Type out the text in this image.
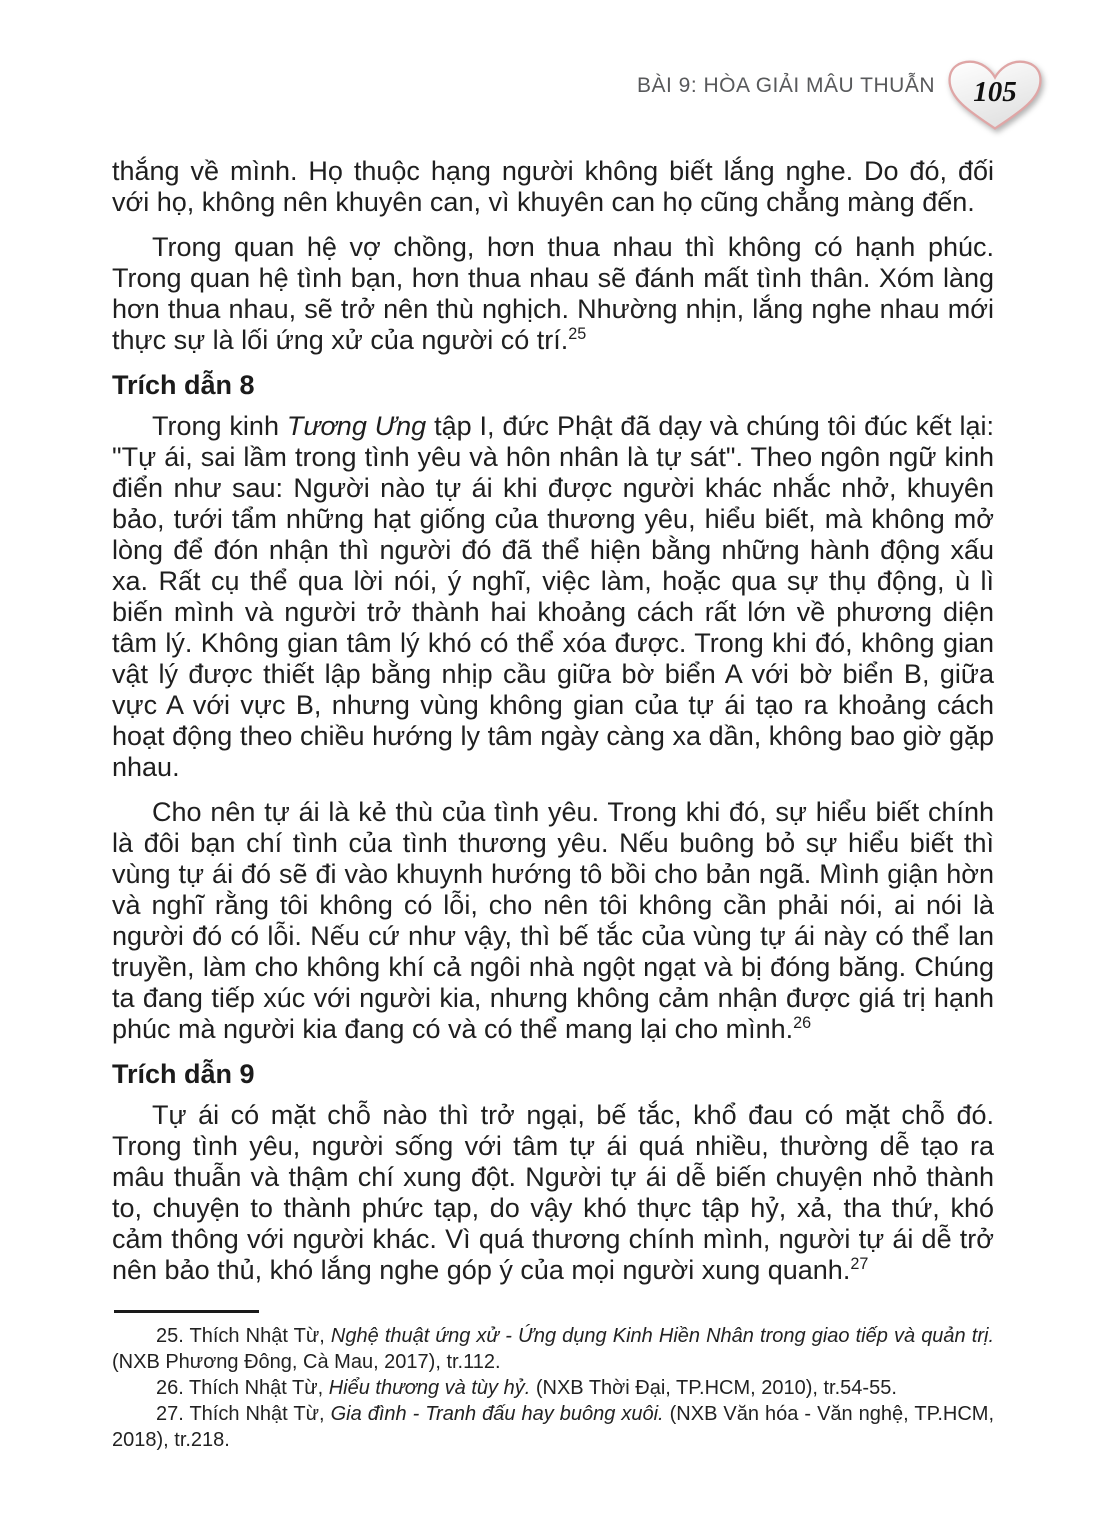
BÀI 9: HÒA GIẢI MÂU THUẪN	105

thắng về mình. Họ thuộc hạng người không biết lắng nghe. Do đó, đối với họ, không nên khuyên can, vì khuyên can họ cũng chẳng màng đến.

Trong quan hệ vợ chồng, hơn thua nhau thì không có hạnh phúc. Trong quan hệ tình bạn, hơn thua nhau sẽ đánh mất tình thân. Xóm làng hơn thua nhau, sẽ trở nên thù nghịch. Nhường nhịn, lắng nghe nhau mới thực sự là lối ứng xử của người có trí.$^{25}$

Trích dẫn 8

Trong kinh Tương Ưng tập I, đức Phật đã dạy và chúng tôi đúc kết lại: "Tự ái, sai lầm trong tình yêu và hôn nhân là tự sát". Theo ngôn ngữ kinh điển như sau: Người nào tự ái khi được người khác nhắc nhở, khuyên bảo, tưới tẩm những hạt giống của thương yêu, hiểu biết, mà không mở lòng để đón nhận thì người đó đã thể hiện bằng những hành động xấu xa. Rất cụ thể qua lời nói, ý nghĩ, việc làm, hoặc qua sự thụ động, ù lì biến mình và người trở thành hai khoảng cách rất lớn về phương diện tâm lý. Không gian tâm lý khó có thể xóa được. Trong khi đó, không gian vật lý được thiết lập bằng nhịp cầu giữa bờ biển A với bờ biển B, giữa vực A với vực B, nhưng vùng không gian của tự ái tạo ra khoảng cách hoạt động theo chiều hướng ly tâm ngày càng xa dần, không bao giờ gặp nhau.

Cho nên tự ái là kẻ thù của tình yêu. Trong khi đó, sự hiểu biết chính là đôi bạn chí tình của tình thương yêu. Nếu buông bỏ sự hiểu biết thì vùng tự ái đó sẽ đi vào khuynh hướng tô bồi cho bản ngã. Mình giận hờn và nghĩ rằng tôi không có lỗi, cho nên tôi không cần phải nói, ai nói là người đó có lỗi. Nếu cứ như vậy, thì bế tắc của vùng tự ái này có thể lan truyền, làm cho không khí cả ngôi nhà ngột ngạt và bị đóng băng. Chúng ta đang tiếp xúc với người kia, nhưng không cảm nhận được giá trị hạnh phúc mà người kia đang có và có thể mang lại cho mình.$^{26}$

Trích dẫn 9

Tự ái có mặt chỗ nào thì trở ngại, bế tắc, khổ đau có mặt chỗ đó. Trong tình yêu, người sống với tâm tự ái quá nhiều, thường dễ tạo ra mâu thuẫn và thậm chí xung đột. Người tự ái dễ biến chuyện nhỏ thành to, chuyện to thành phức tạp, do vậy khó thực tập hỷ, xả, tha thứ, khó cảm thông với người khác. Vì quá thương chính mình, người tự ái dễ trở nên bảo thủ, khó lắng nghe góp ý của mọi người xung quanh.$^{27}$

25. Thích Nhật Từ, Nghệ thuật ứng xử - Ứng dụng Kinh Hiền Nhân trong giao tiếp và quản trị. (NXB Phương Đông, Cà Mau, 2017), tr.112.

26. Thích Nhật Từ, Hiểu thương và tùy hỷ. (NXB Thời Đại, TP.HCM, 2010), tr.54-55.

27. Thích Nhật Từ, Gia đình - Tranh đấu hay buông xuôi. (NXB Văn hóa - Văn nghệ, TP.HCM, 2018), tr.218.
